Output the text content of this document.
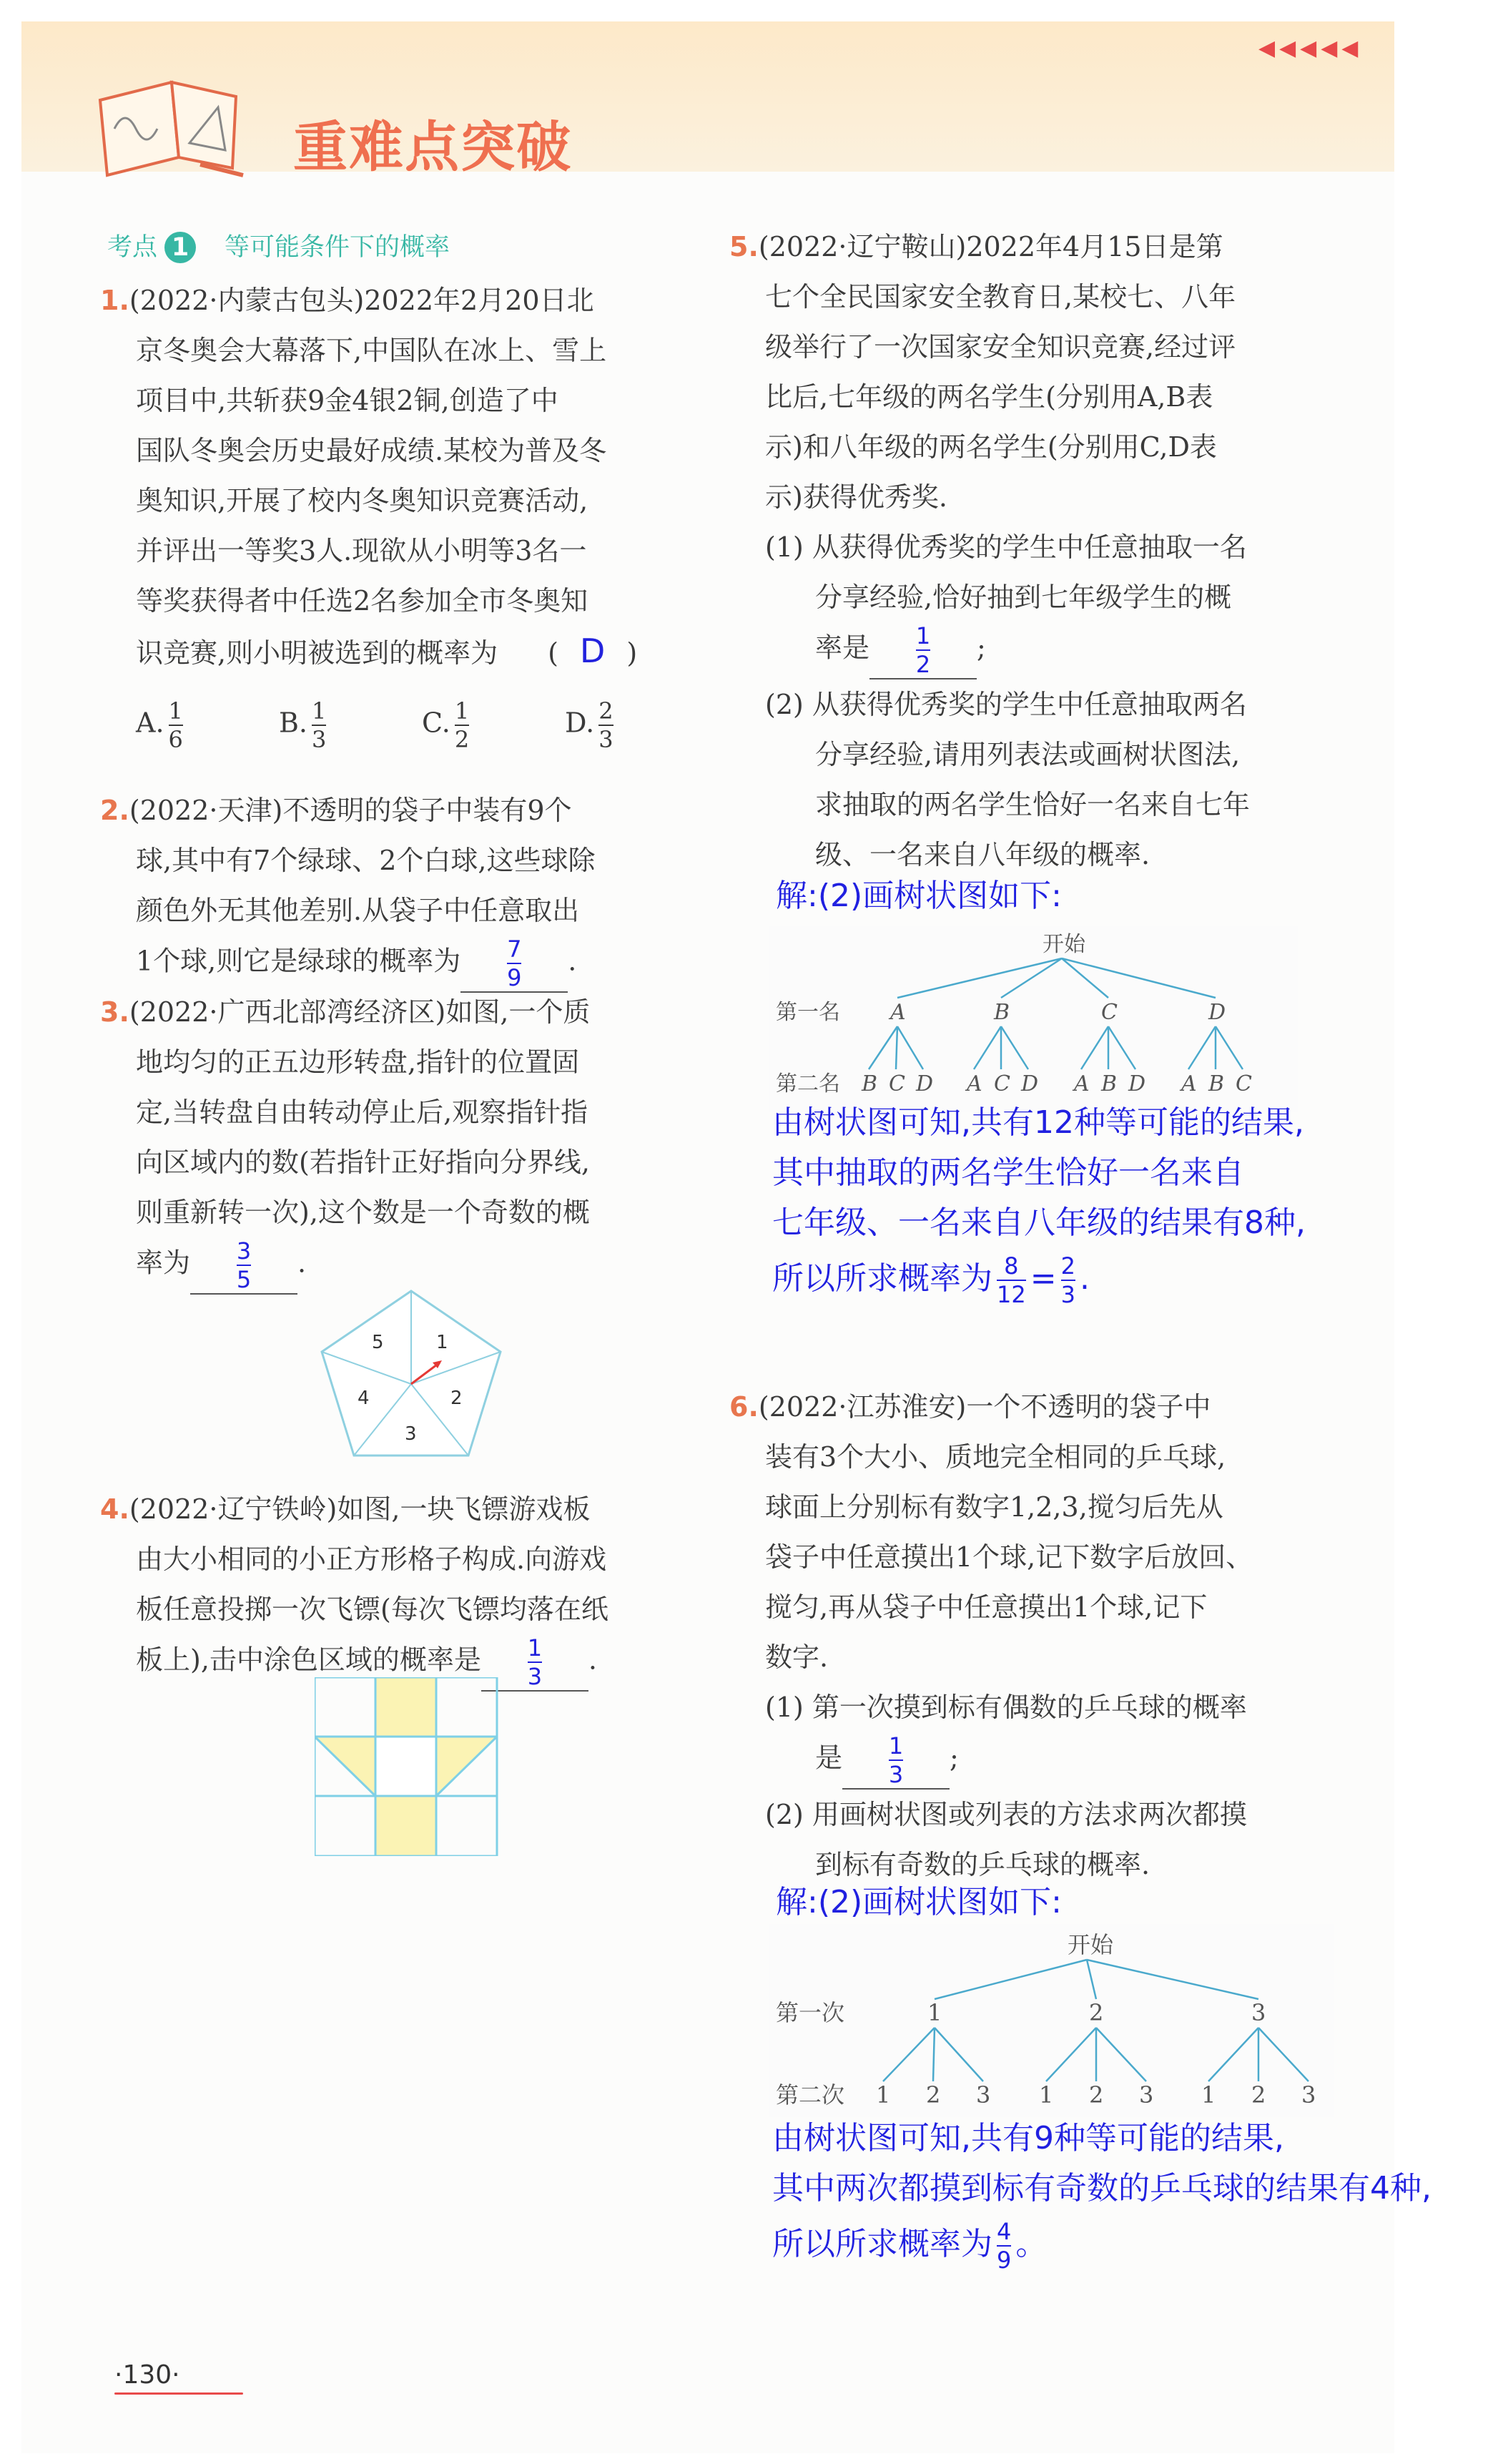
◀◀◀◀◀
重难点突破
考点 1 等可能条件下的概率
1.(2022·内蒙古包头)2022年2月20日北
京冬奥会大幕落下,中国队在冰上、雪上
项目中,共斩获9金4银2铜,创造了中
国队冬奥会历史最好成绩.某校为普及冬
奥知识,开展了校内冬奥知识竞赛活动,
并评出一等奖3人.现欲从小明等3名一
等奖获得者中任选2名参加全市冬奥知
识竞赛,则小明被选到的概率为 ( D )
A. $\frac{1}{6}$	B. $\frac{1}{3}$	C. $\frac{1}{2}$	D. $\frac{2}{3}$
2.(2022·天津)不透明的袋子中装有9个
球,其中有7个绿球、2个白球,这些球除
颜色外无其他差别.从袋子中任意取出
1个球,则它是绿球的概率为 $\frac{7}{9}$ .
3.(2022·广西北部湾经济区)如图,一个质
地均匀的正五边形转盘,指针的位置固
定,当转盘自由转动停止后,观察指针指
向区域内的数(若指针正好指向分界线,
则重新转一次),这个数是一个奇数的概
率为 $\frac{3}{5}$ .
1
2
3
4
5
4.(2022·辽宁铁岭)如图,一块飞镖游戏板
由大小相同的小正方形格子构成.向游戏
板任意投掷一次飞镖(每次飞镖均落在纸
板上),击中涂色区域的概率是 $\frac{1}{3}$ .
5.(2022·辽宁鞍山)2022年4月15日是第
七个全民国家安全教育日,某校七、八年
级举行了一次国家安全知识竞赛,经过评
比后,七年级的两名学生(分别用A,B表
示)和八年级的两名学生(分别用C,D表
示)获得优秀奖.
(1) 从获得优秀奖的学生中任意抽取一名
分享经验,恰好抽到七年级学生的概
率是 $\frac{1}{2}$ ;
(2) 从获得优秀奖的学生中任意抽取两名
分享经验,请用列表法或画树状图法,
求抽取的两名学生恰好一名来自七年
级、一名来自八年级的概率.
解:(2)画树状图如下:
开始
第一名
第二名
A	B	C	D
B C D A C D A B D A B C
由树状图可知,共有12种等可能的结果,
其中抽取的两名学生恰好一名来自
七年级、一名来自八年级的结果有8种,
所以所求概率为 $\frac{8}{12} = \frac{2}{3}$ .
6.(2022·江苏淮安)一个不透明的袋子中
装有3个大小、质地完全相同的乒乓球,
球面上分别标有数字1,2,3,搅匀后先从
袋子中任意摸出1个球,记下数字后放回、
搅匀,再从袋子中任意摸出1个球,记下
数字.
(1) 第一次摸到标有偶数的乒乓球的概率
是 $\frac{1}{3}$ ;
(2) 用画树状图或列表的方法求两次都摸
到标有奇数的乒乓球的概率.
解:(2)画树状图如下:
开始
第一次
第二次
1	2	3
1 2 3 1 2 3 1 2 3
由树状图可知,共有9种等可能的结果,
其中两次都摸到标有奇数的乒乓球的结果有4种,
所以所求概率为 $\frac{4}{9}$ 。
·130·
